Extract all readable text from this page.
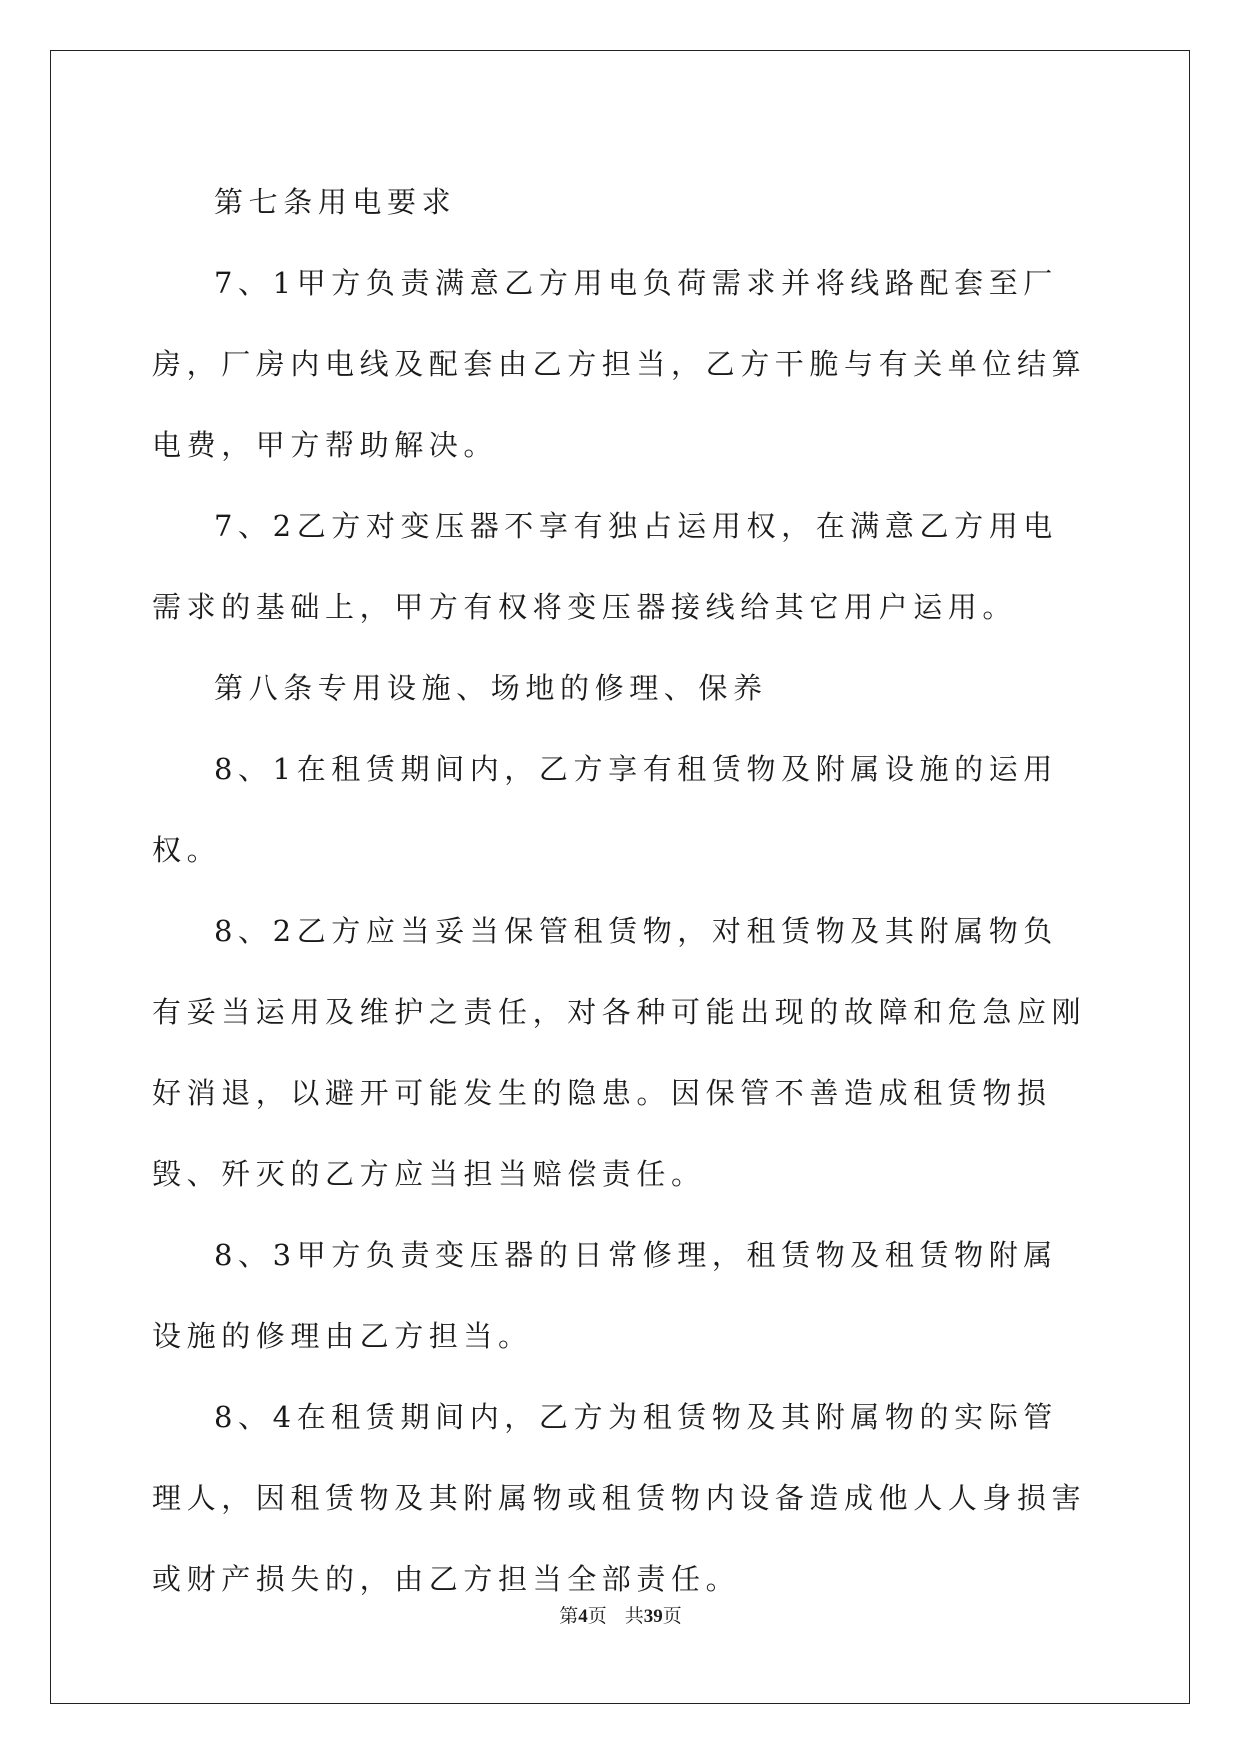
第七条用电要求

7、1甲方负责满意乙方用电负荷需求并将线路配套至厂房，厂房内电线及配套由乙方担当，乙方干脆与有关单位结算电费，甲方帮助解决。

7、2乙方对变压器不享有独占运用权，在满意乙方用电需求的基础上，甲方有权将变压器接线给其它用户运用。

第八条专用设施、场地的修理、保养

8、1在租赁期间内，乙方享有租赁物及附属设施的运用权。

8、2乙方应当妥当保管租赁物，对租赁物及其附属物负有妥当运用及维护之责任，对各种可能出现的故障和危急应刚好消退，以避开可能发生的隐患。因保管不善造成租赁物损毁、歼灭的乙方应当担当赔偿责任。

8、3甲方负责变压器的日常修理，租赁物及租赁物附属设施的修理由乙方担当。

8、4在租赁期间内，乙方为租赁物及其附属物的实际管理人，因租赁物及其附属物或租赁物内设备造成他人人身损害或财产损失的，由乙方担当全部责任。

第4页 共39页
